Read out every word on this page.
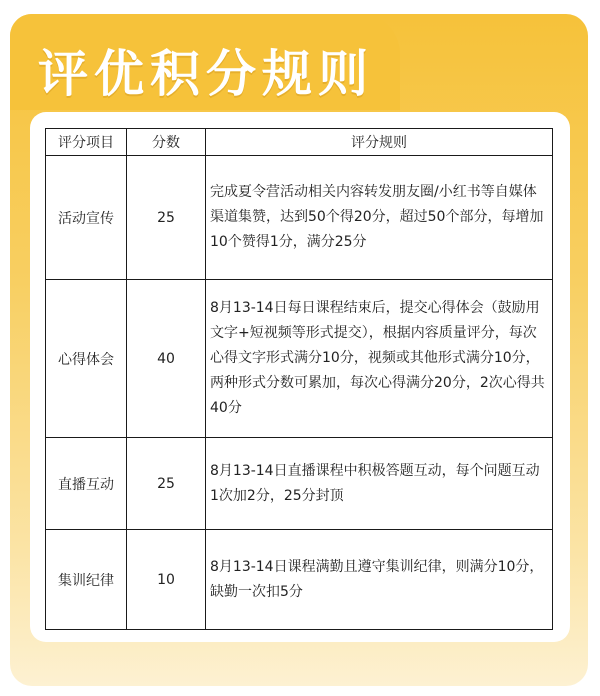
评优积分规则
评分项目	分数	评分规则
活动宣传	25	完成夏令营活动相关内容转发朋友圈/小红书等自媒体渠道集赞，达到50个得20分，超过50个部分，每增加10个赞得1分，满分25分
心得体会	40	8月13-14日每日课程结束后，提交心得体会（鼓励用文字+短视频等形式提交），根据内容质量评分，每次心得文字形式满分10分，视频或其他形式满分10分，两种形式分数可累加，每次心得满分20分，2次心得共40分
直播互动	25	8月13-14日直播课程中积极答题互动，每个问题互动1次加2分，25分封顶
集训纪律	10	8月13-14日课程满勤且遵守集训纪律，则满分10分，缺勤一次扣5分
